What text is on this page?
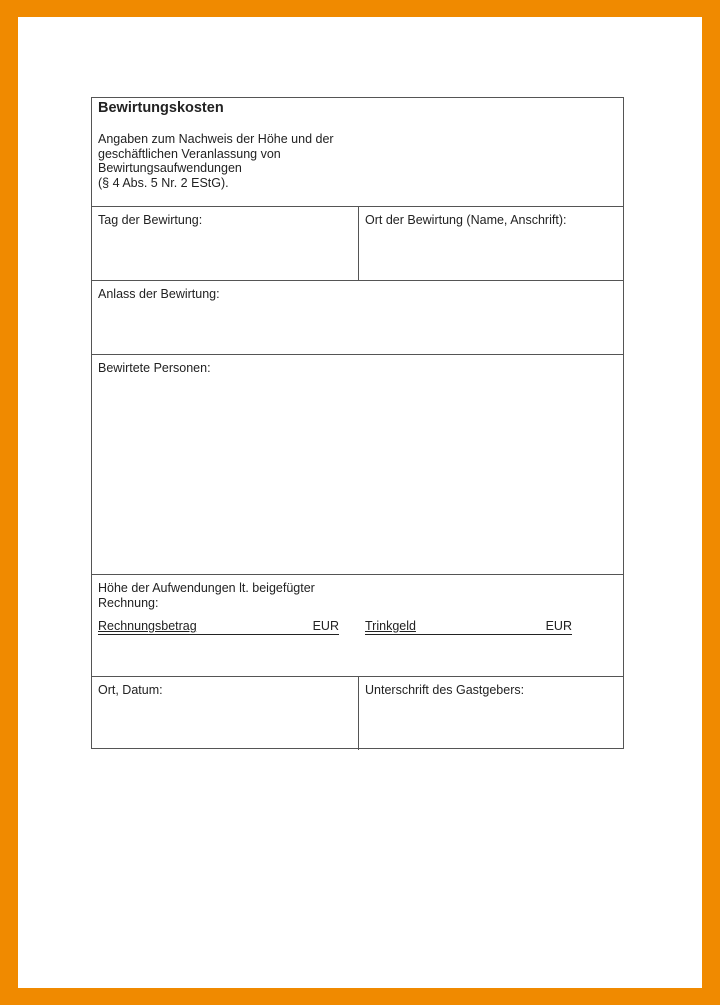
Bewirtungskosten
Angaben zum Nachweis der Höhe und der
geschäftlichen Veranlassung von
Bewirtungsaufwendungen
(§ 4 Abs. 5 Nr. 2 EStG).
Tag der Bewirtung:	Ort der Bewirtung (Name, Anschrift):
Anlass der Bewirtung:
Bewirtete Personen:
Höhe der Aufwendungen lt. beigefügter
Rechnung:
Rechnungsbetrag	EUR Trinkgeld	EUR
Ort, Datum:	Unterschrift des Gastgebers:
